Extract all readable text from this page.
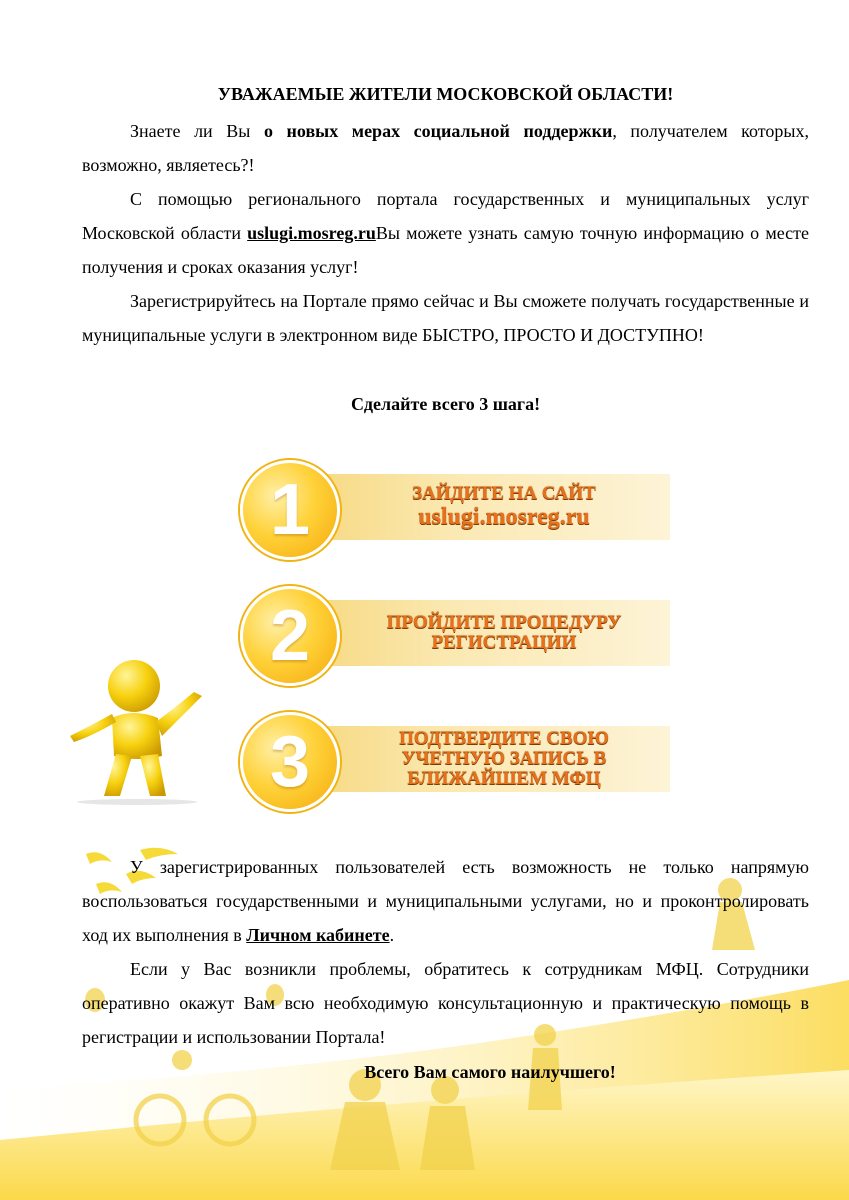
УВАЖАЕМЫЕ ЖИТЕЛИ МОСКОВСКОЙ ОБЛАСТИ!

Знаете ли Вы о новых мерах социальной поддержки, получателем которых, возможно, являетесь?!

С помощью регионального портала государственных и муниципальных услуг Московской области uslugi.mosreg.ruВы можете узнать самую точную информацию о месте получения и сроках оказания услуг!

Зарегистрируйтесь на Портале прямо сейчас и Вы сможете получать государственные и муниципальные услуги в электронном виде БЫСТРО, ПРОСТО И ДОСТУПНО!

Сделайте всего 3 шага!
1	ЗАЙДИТЕ НА САЙТ
uslugi.mosreg.ru
2	ПРОЙДИТЕ ПРОЦЕДУРУ
РЕГИСТРАЦИИ
3	ПОДТВЕРДИТЕ СВОЮ
УЧЕТНУЮ ЗАПИСЬ В
БЛИЖАЙШЕМ МФЦ

У зарегистрированных пользователей есть возможность не только напрямую воспользоваться государственными и муниципальными услугами, но и проконтролировать ход их выполнения в Личном кабинете.

Если у Вас возникли проблемы, обратитесь к сотрудникам МФЦ. Сотрудники оперативно окажут Вам всю необходимую консультационную и практическую помощь в регистрации и использовании Портала!

Всего Вам самого наилучшего!
